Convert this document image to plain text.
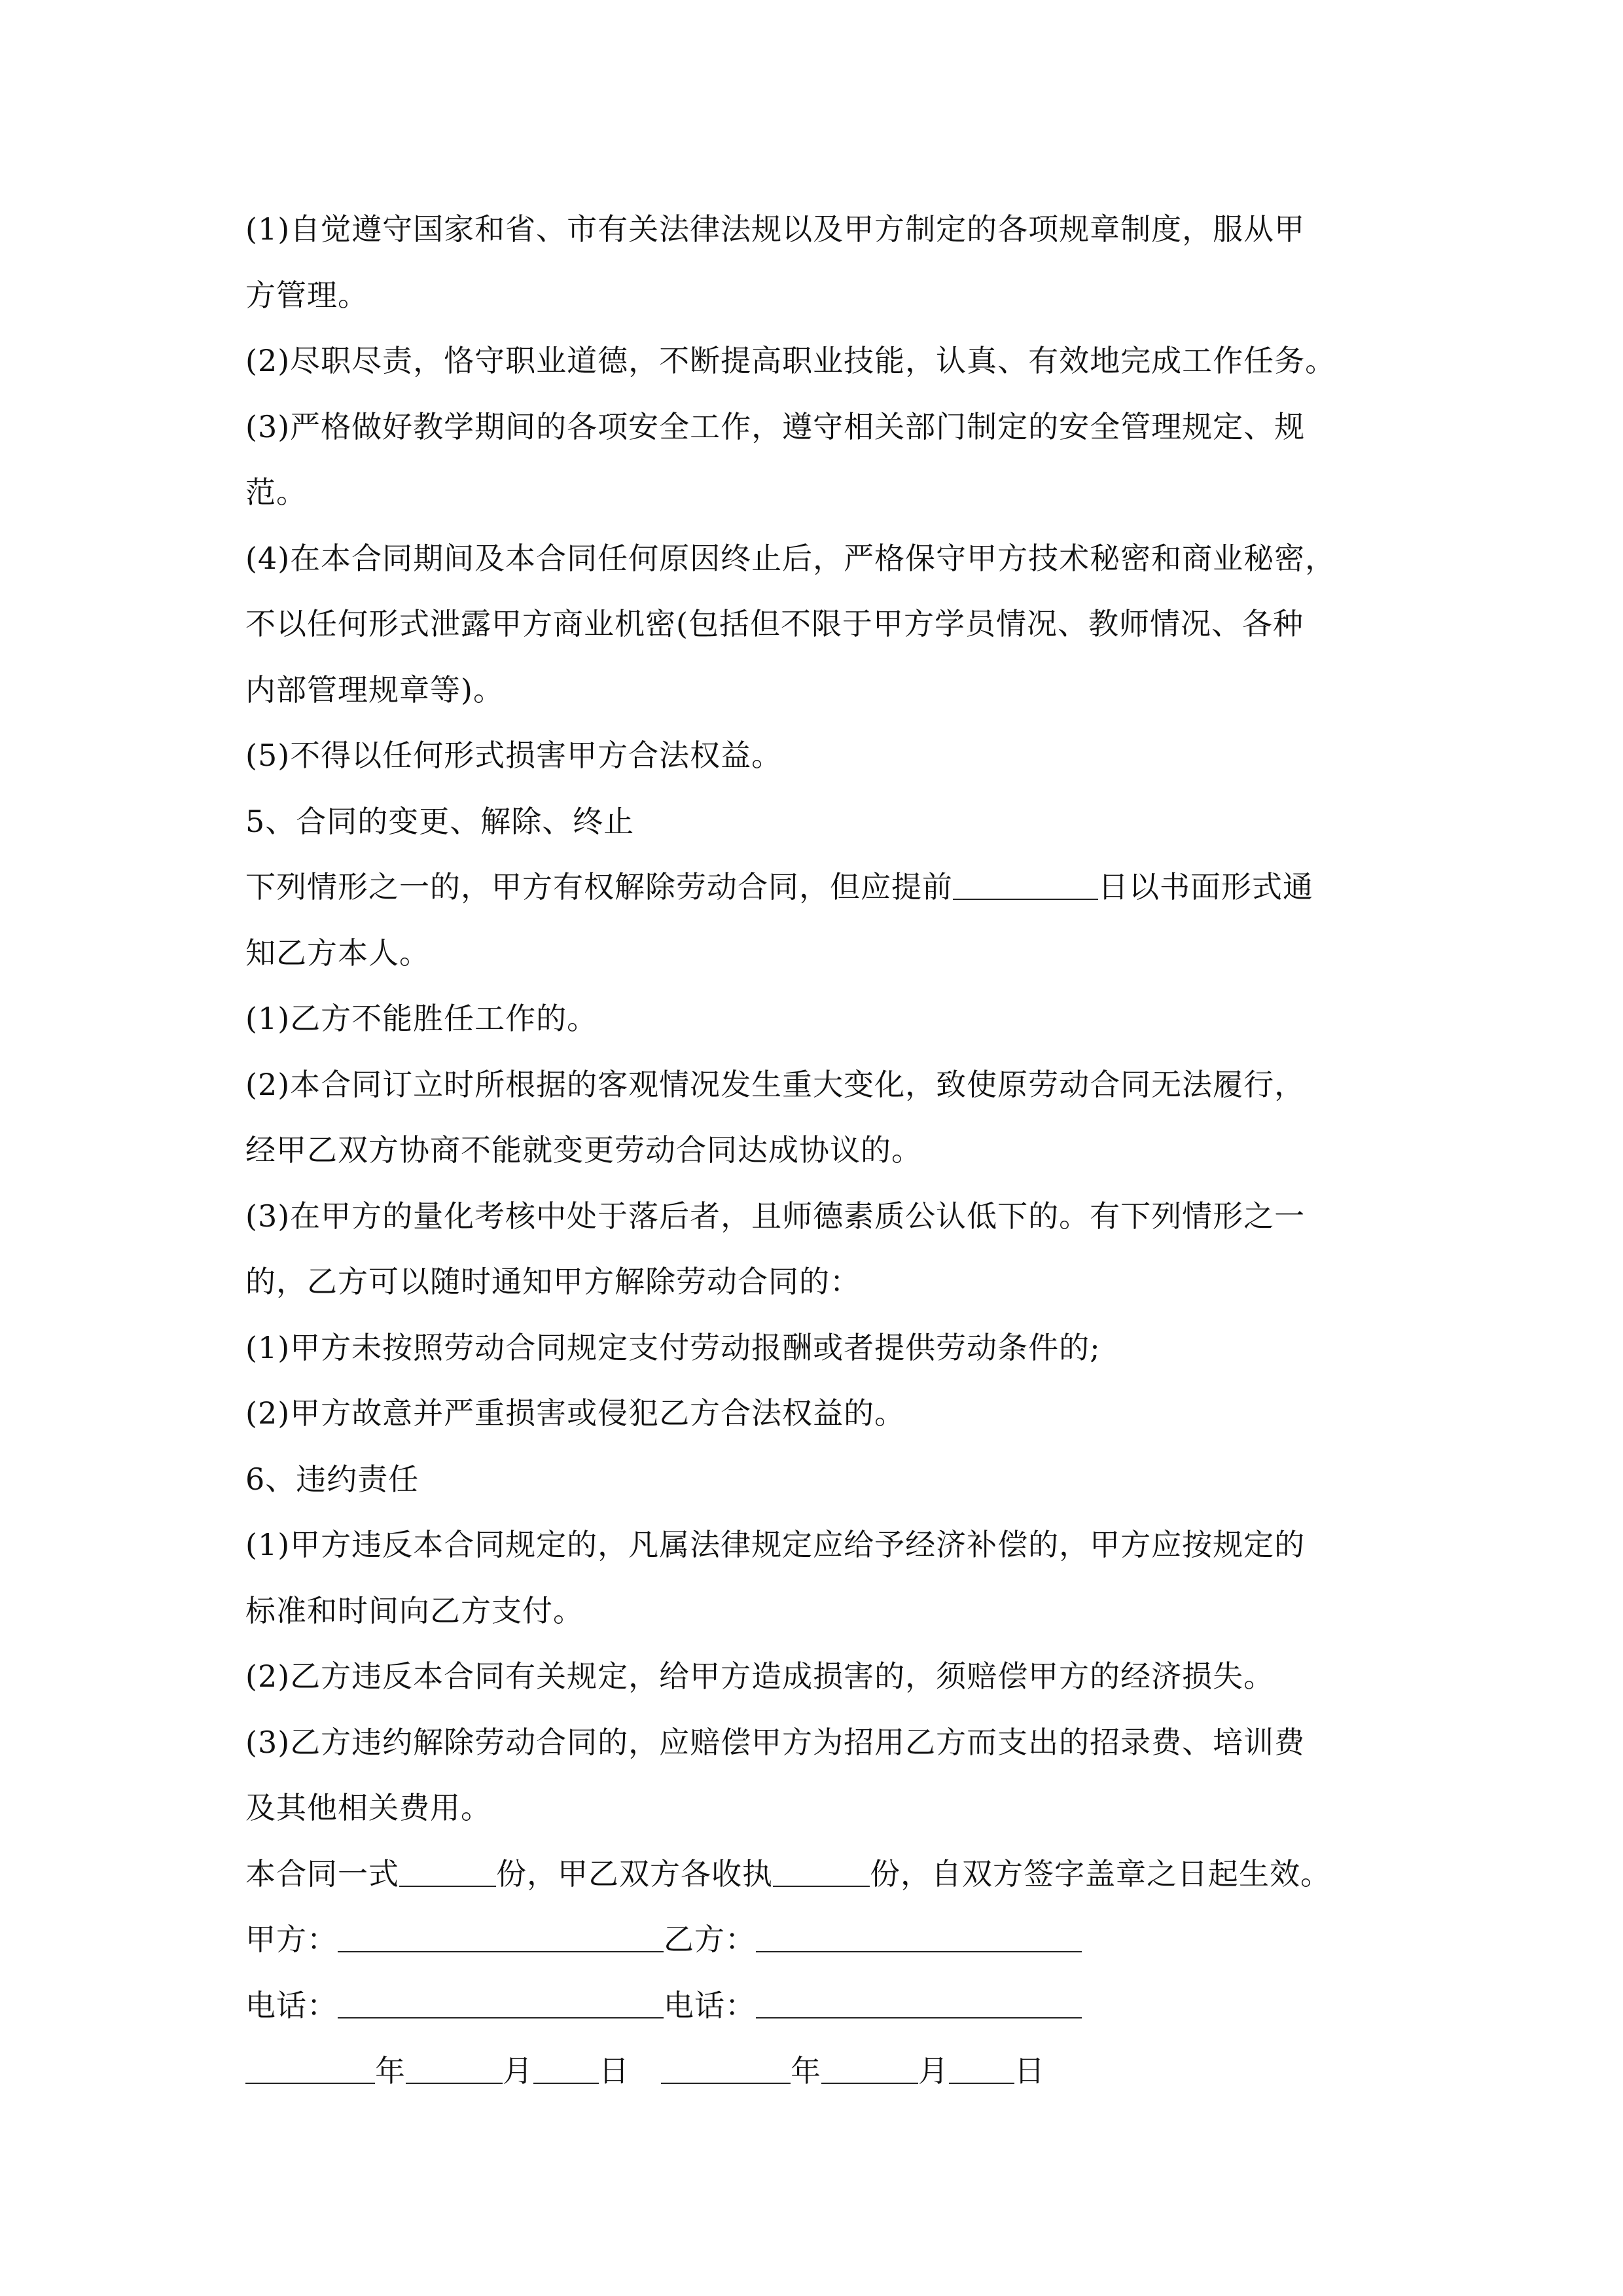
(1)自觉遵守国家和省、市有关法律法规以及甲方制定的各项规章制度，服从甲
方管理。
(2)尽职尽责，恪守职业道德，不断提高职业技能，认真、有效地完成工作任务。
(3)严格做好教学期间的各项安全工作，遵守相关部门制定的安全管理规定、规
范。
(4)在本合同期间及本合同任何原因终止后，严格保守甲方技术秘密和商业秘密，
不以任何形式泄露甲方商业机密(包括但不限于甲方学员情况、教师情况、各种
内部管理规章等)。
(5)不得以任何形式损害甲方合法权益。
5、合同的变更、解除、终止
下列情形之一的，甲方有权解除劳动合同，但应提前	日以书面形式通
知乙方本人。
(1)乙方不能胜任工作的。
(2)本合同订立时所根据的客观情况发生重大变化，致使原劳动合同无法履行，
经甲乙双方协商不能就变更劳动合同达成协议的。
(3)在甲方的量化考核中处于落后者，且师德素质公认低下的。有下列情形之一
的，乙方可以随时通知甲方解除劳动合同的：
(1)甲方未按照劳动合同规定支付劳动报酬或者提供劳动条件的;
(2)甲方故意并严重损害或侵犯乙方合法权益的。
6、违约责任
(1)甲方违反本合同规定的，凡属法律规定应给予经济补偿的，甲方应按规定的
标准和时间向乙方支付。
(2)乙方违反本合同有关规定，给甲方造成损害的，须赔偿甲方的经济损失。
(3)乙方违约解除劳动合同的，应赔偿甲方为招用乙方而支出的招录费、培训费
及其他相关费用。
本合同一式	份，甲乙双方各收执	份，自双方签字盖章之日起生效。
甲方：	乙方：
电话：	电话：
年	月 日	年	月 日
